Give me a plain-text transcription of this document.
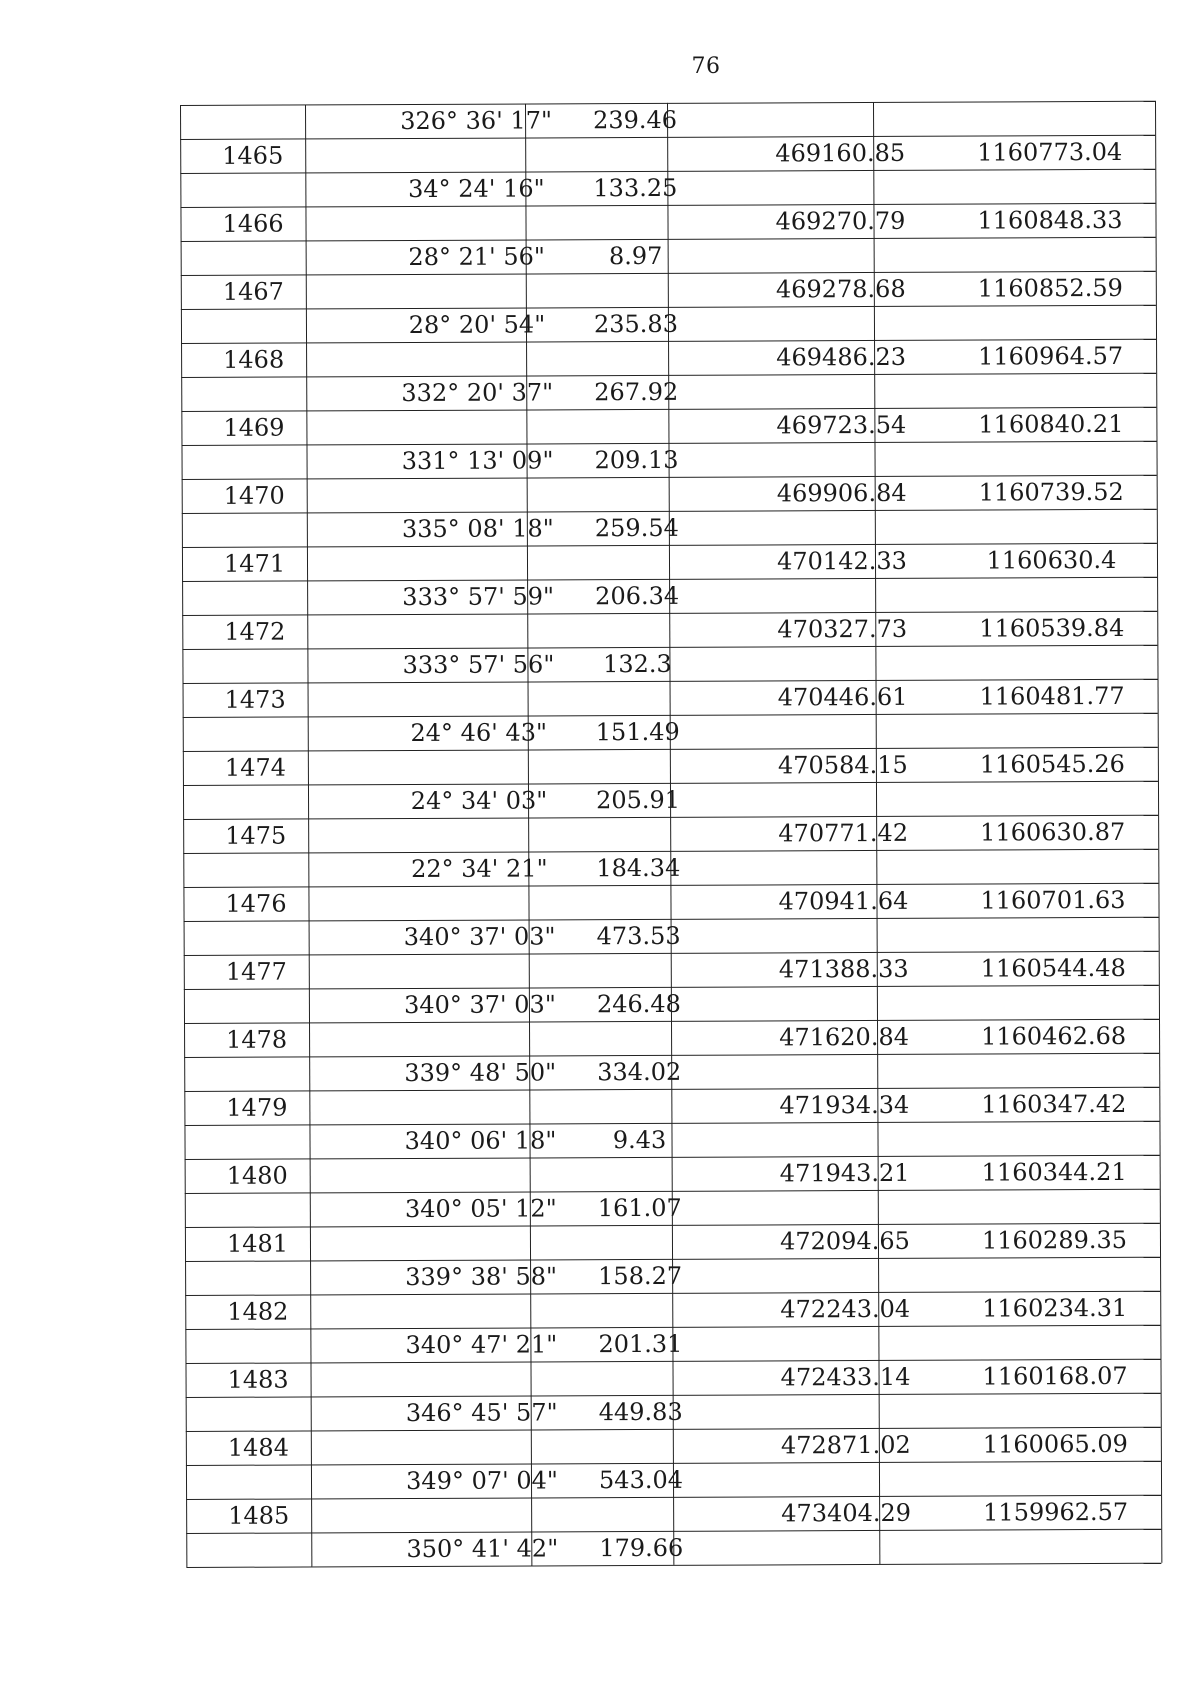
76
326° 36' 17"	239.46
1465	469160.85	1160773.04
34° 24' 16"	133.25
1466	469270.79	1160848.33
28° 21' 56"	8.97
1467	469278.68	1160852.59
28° 20' 54"	235.83
1468	469486.23	1160964.57
332° 20' 37"	267.92
1469	469723.54	1160840.21
331° 13' 09"	209.13
1470	469906.84	1160739.52
335° 08' 18"	259.54
1471	470142.33	1160630.4
333° 57' 59"	206.34
1472	470327.73	1160539.84
333° 57' 56"	132.3
1473	470446.61	1160481.77
24° 46' 43"	151.49
1474	470584.15	1160545.26
24° 34' 03"	205.91
1475	470771.42	1160630.87
22° 34' 21"	184.34
1476	470941.64	1160701.63
340° 37' 03"	473.53
1477	471388.33	1160544.48
340° 37' 03"	246.48
1478	471620.84	1160462.68
339° 48' 50"	334.02
1479	471934.34	1160347.42
340° 06' 18"	9.43
1480	471943.21	1160344.21
340° 05' 12"	161.07
1481	472094.65	1160289.35
339° 38' 58"	158.27
1482	472243.04	1160234.31
340° 47' 21"	201.31
1483	472433.14	1160168.07
346° 45' 57"	449.83
1484	472871.02	1160065.09
349° 07' 04"	543.04
1485	473404.29	1159962.57
350° 41' 42"	179.66
